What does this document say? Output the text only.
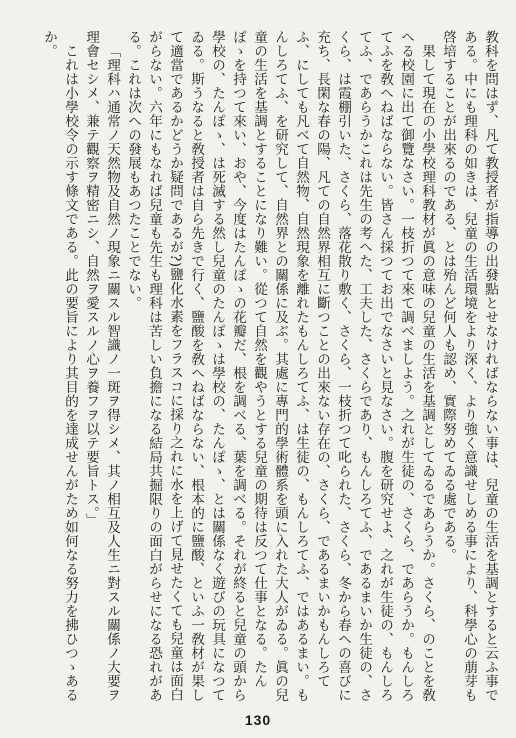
教科を問はず、凡て教授者が指導の出發點とせなければならない事は、兒童の生活を基調とすると云ふ事である。中にも理科の如きは、兒童の生活環境をより深く、より強く意識せしめる事により、科學心の萠芽も啓培することが出來るのである、とは殆んど何人も認め、實際努めてゐる處である。

果して現在の小學校理科教材が眞の意味の兒童の生活を基調としてゐるであらうか。さくら、のことを敎へる校園に出て御覽なさい。一枝折つて來て調べましよう。之れが生徒の、さくら、であらうか。もんしろてふを敎へねばならない。皆さん採つてお出でなさいと見なさい。腹を研究せよ、之れが生徒の、もんしろてふ、であらうかこれは先生の考へた、工夫した、さくらであり、もんしろてふ、であるまいか生徒の、さくら、は霞棚引いた、さくら、落花散り敷く、さくら、一枝折つて叱られた、さくら、冬から春への喜びに充ち、長閑な春の陽、凡ての自然界相互に斷つことの出來ない存在の、さくら、であるまいかもんしろてふ、にしても凡べて自然物、自然現象を離れたもんしろてふ、は生徒の、もんしろてふ、ではあるまい。もんしろてふ、を研究して、自然界との關係に及ぶ。其處に專門的學術體系を頭に入れた大人がゐる。眞の兒童の生活を基調とすることになり難い。從つて自然を觀やうとする兒童の期待は反つて仕事となる。たんぽゝを持つて來い、おや、今度はたんぽゝの花瓣だ、根を調べる、葉を調べる。それが終ると兒童の頭から學校の、たんぽゝ、は死滅する然し兒童のたんぽゝは學校の、たんぽゝ、とは關係なく遊びの玩具になつてゐる。斯うなると敎授者は自ら先きで行く、鹽酸を敎へねばならない、根本的に鹽酸、といふ一敎材が果して適當であるかどうか疑問であるが?)鹽化水素をフラスコに採り之れに水を上げて見せたくても兒童は面白がらない。六年にもなれば兒童も先生も理科は苦しい負擔になる結局共掘限りの面白がらせになる恐れがある。これは次への發展もあつたことでない。

「理科ハ通常ノ天然物及自然ノ現象ニ關スル智識ノ一斑ヲ得シメ、其ノ相互及人生ニ對スル關係ノ大要ヲ理會セシメ、兼テ觀察ヲ精密ニシ、自然ヲ愛スルノ心ヲ養フヲ以テ要旨トス。」

これは小學校令の示す條文である。此の要旨により其目的を達成せんがため如何なる努力を拂ひつゝあるか。

130
